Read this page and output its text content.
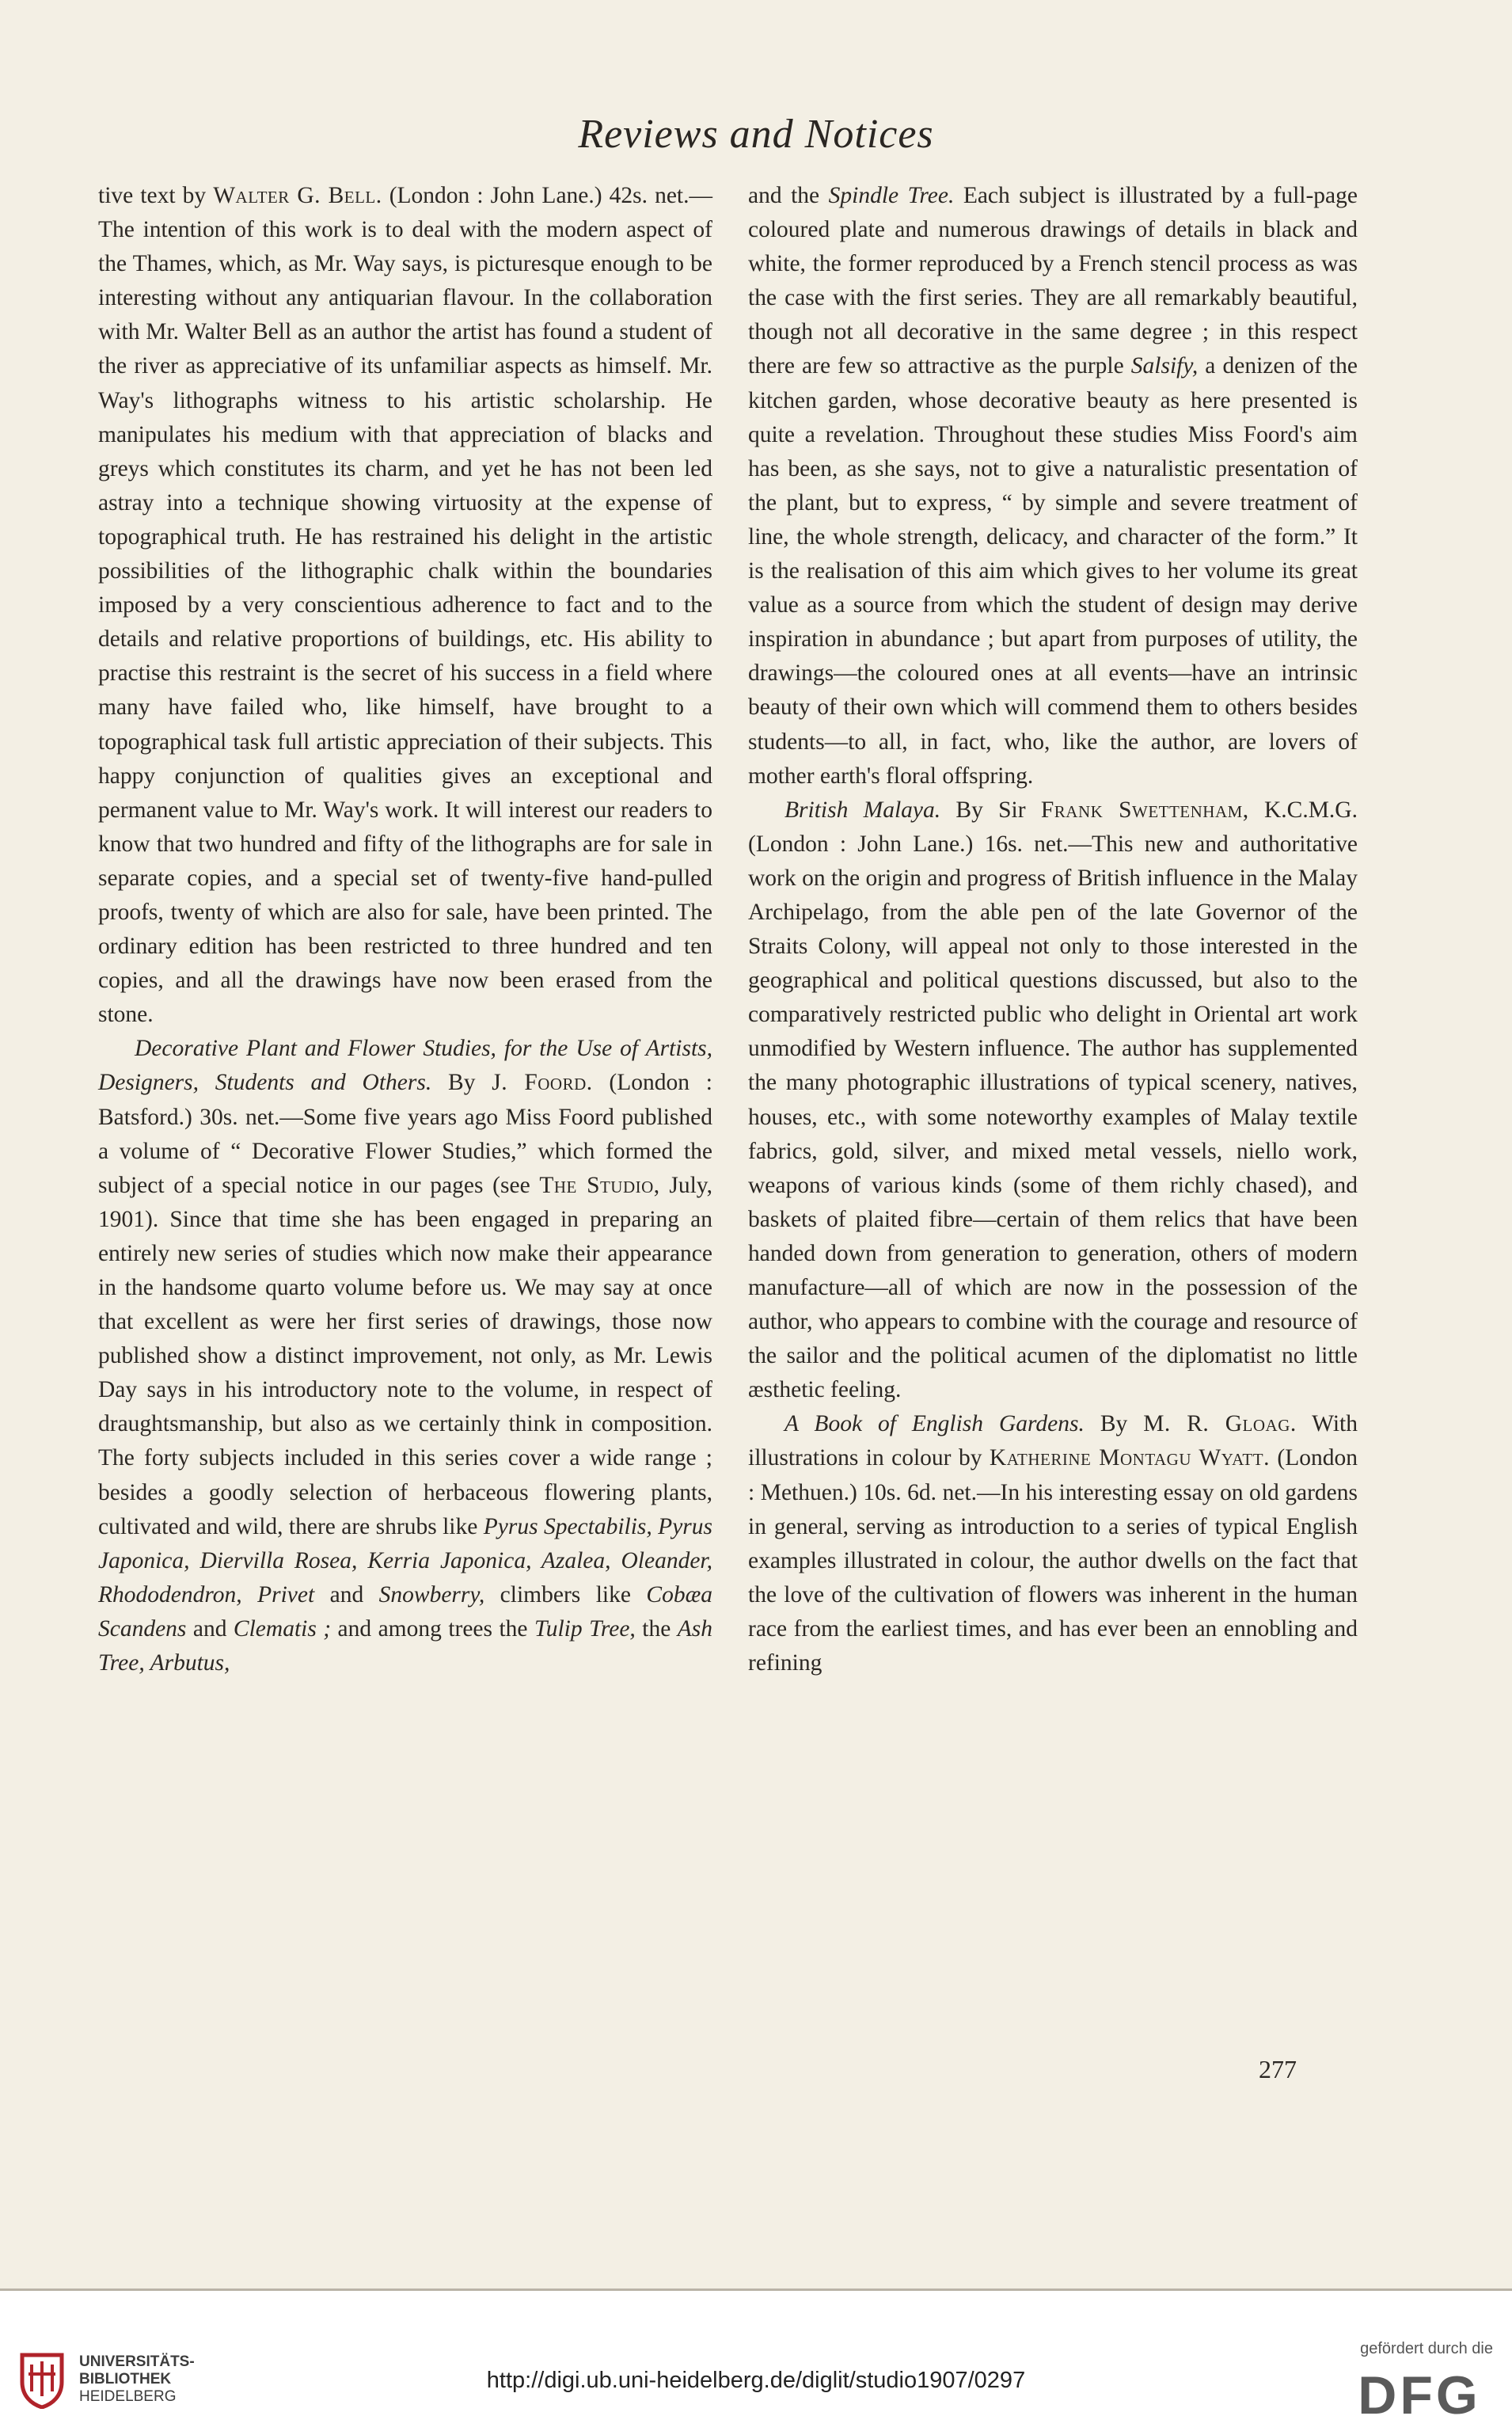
Reviews and Notices

tive text by Walter G. Bell. (London : John Lane.) 42s. net.—The intention of this work is to deal with the modern aspect of the Thames, which, as Mr. Way says, is picturesque enough to be interesting without any antiquarian flavour. In the collaboration with Mr. Walter Bell as an author the artist has found a student of the river as appreciative of its unfamiliar aspects as himself. Mr. Way's lithographs witness to his artistic scholarship. He manipulates his medium with that appreciation of blacks and greys which constitutes its charm, and yet he has not been led astray into a technique showing virtuosity at the expense of topographical truth. He has restrained his delight in the artistic possibilities of the lithographic chalk within the boundaries imposed by a very conscientious adherence to fact and to the details and relative proportions of buildings, etc. His ability to practise this restraint is the secret of his success in a field where many have failed who, like himself, have brought to a topographical task full artistic appreciation of their subjects. This happy conjunction of qualities gives an exceptional and permanent value to Mr. Way's work. It will interest our readers to know that two hundred and fifty of the lithographs are for sale in separate copies, and a special set of twenty-five hand-pulled proofs, twenty of which are also for sale, have been printed. The ordinary edition has been restricted to three hundred and ten copies, and all the drawings have now been erased from the stone.

Decorative Plant and Flower Studies, for the Use of Artists, Designers, Students and Others. By J. Foord. (London : Batsford.) 30s. net.—Some five years ago Miss Foord published a volume of “ Decorative Flower Studies,” which formed the subject of a special notice in our pages (see The Studio, July, 1901). Since that time she has been engaged in preparing an entirely new series of studies which now make their appearance in the handsome quarto volume before us. We may say at once that excellent as were her first series of drawings, those now published show a distinct improvement, not only, as Mr. Lewis Day says in his introductory note to the volume, in respect of draughtsmanship, but also as we certainly think in composition. The forty subjects included in this series cover a wide range ; besides a goodly selection of herbaceous flowering plants, cultivated and wild, there are shrubs like Pyrus Spectabilis, Pyrus Japonica, Diervilla Rosea, Kerria Japonica, Azalea, Oleander, Rhododendron, Privet and Snowberry, climbers like Cobæa Scandens and Clematis ; and among trees the Tulip Tree, the Ash Tree, Arbutus,

and the Spindle Tree. Each subject is illustrated by a full-page coloured plate and numerous drawings of details in black and white, the former reproduced by a French stencil process as was the case with the first series. They are all remarkably beautiful, though not all decorative in the same degree ; in this respect there are few so attractive as the purple Salsify, a denizen of the kitchen garden, whose decorative beauty as here presented is quite a revelation. Throughout these studies Miss Foord's aim has been, as she says, not to give a naturalistic presentation of the plant, but to express, “ by simple and severe treatment of line, the whole strength, delicacy, and character of the form.” It is the realisation of this aim which gives to her volume its great value as a source from which the student of design may derive inspiration in abundance ; but apart from purposes of utility, the drawings—the coloured ones at all events—have an intrinsic beauty of their own which will commend them to others besides students—to all, in fact, who, like the author, are lovers of mother earth's floral offspring.

British Malaya. By Sir Frank Swettenham, K.C.M.G. (London : John Lane.) 16s. net.—This new and authoritative work on the origin and progress of British influence in the Malay Archipelago, from the able pen of the late Governor of the Straits Colony, will appeal not only to those interested in the geographical and political questions discussed, but also to the comparatively restricted public who delight in Oriental art work unmodified by Western influence. The author has supplemented the many photographic illustrations of typical scenery, natives, houses, etc., with some noteworthy examples of Malay textile fabrics, gold, silver, and mixed metal vessels, niello work, weapons of various kinds (some of them richly chased), and baskets of plaited fibre—certain of them relics that have been handed down from generation to generation, others of modern manufacture—all of which are now in the possession of the author, who appears to combine with the courage and resource of the sailor and the political acumen of the diplomatist no little æsthetic feeling.

A Book of English Gardens. By M. R. Gloag. With illustrations in colour by Katherine Montagu Wyatt. (London : Methuen.) 10s. 6d. net.—In his interesting essay on old gardens in general, serving as introduction to a series of typical English examples illustrated in colour, the author dwells on the fact that the love of the cultivation of flowers was inherent in the human race from the earliest times, and has ever been an ennobling and refining

277
UNIVERSITÄTS-
BIBLIOTHEK
HEIDELBERG
http://digi.ub.uni-heidelberg.de/diglit/studio1907/0297
gefördert durch die
DFG
